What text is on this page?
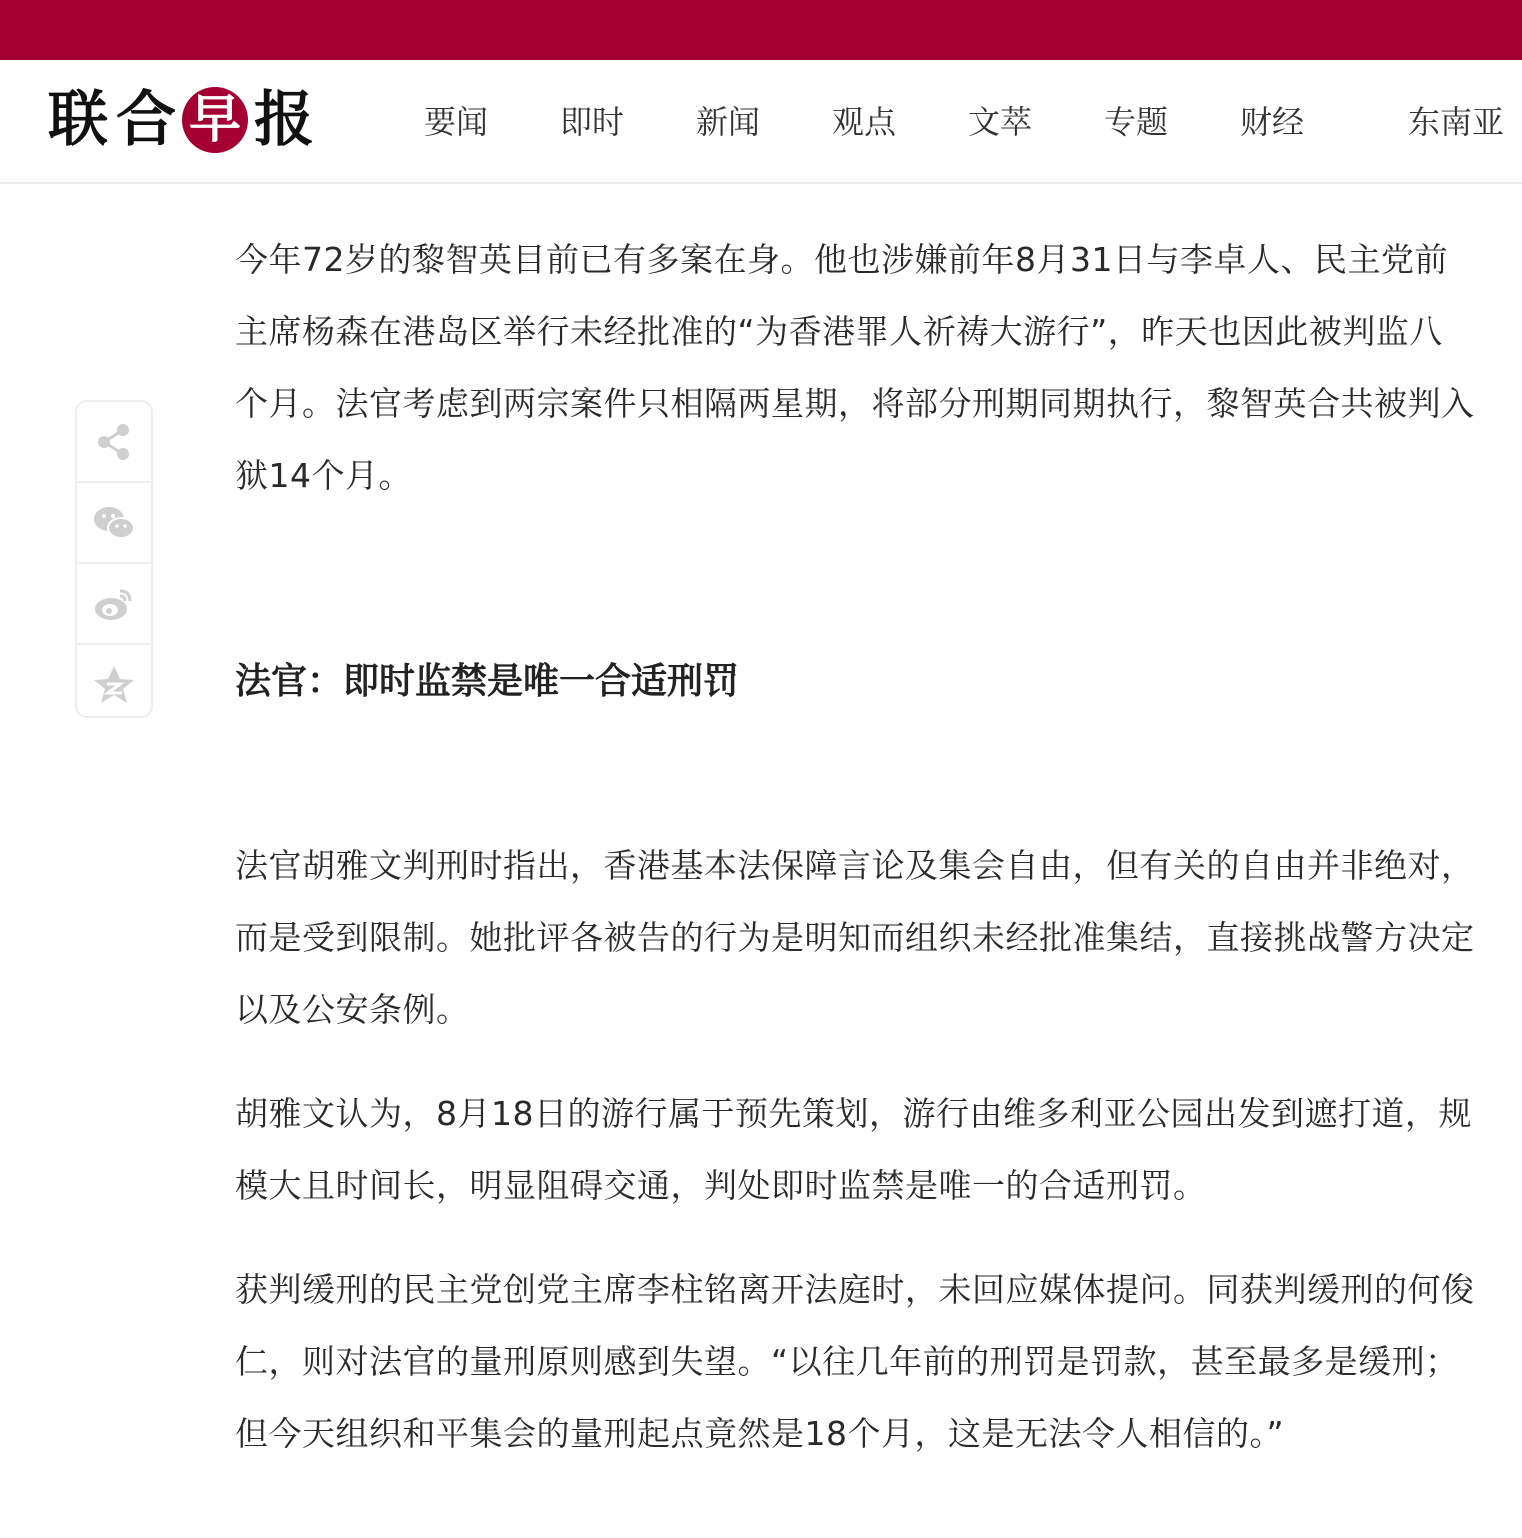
联 合 早 报	要闻	即时	新闻	观点	文萃	专题	财经	东南亚

今年72岁的黎智英目前已有多案在身。他也涉嫌前年8月31日与李卓人、民主党前主席杨森在港岛区举行未经批准的“为香港罪人祈祷大游行”，昨天也因此被判监八个月。法官考虑到两宗案件只相隔两星期，将部分刑期同期执行，黎智英合共被判入狱14个月。

法官：即时监禁是唯一合适刑罚

法官胡雅文判刑时指出，香港基本法保障言论及集会自由，但有关的自由并非绝对，而是受到限制。她批评各被告的行为是明知而组织未经批准集结，直接挑战警方决定以及公安条例。

胡雅文认为，8月18日的游行属于预先策划，游行由维多利亚公园出发到遮打道，规模大且时间长，明显阻碍交通，判处即时监禁是唯一的合适刑罚。

获判缓刑的民主党创党主席李柱铭离开法庭时，未回应媒体提问。同获判缓刑的何俊仁，则对法官的量刑原则感到失望。“以往几年前的刑罚是罚款，甚至最多是缓刑；但今天组织和平集会的量刑起点竟然是18个月，这是无法令人相信的。”
